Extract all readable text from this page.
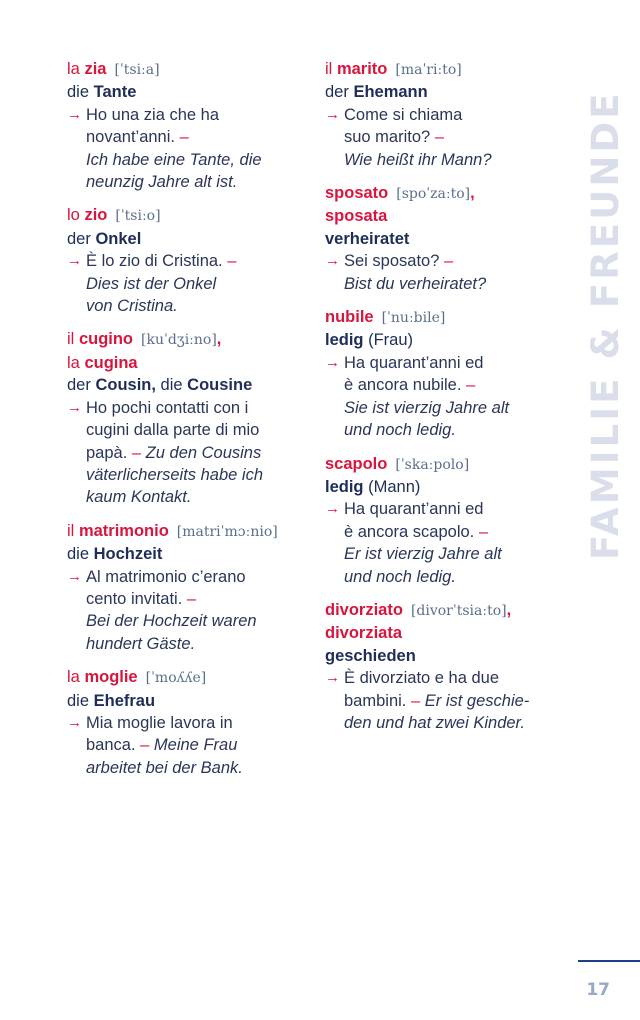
la zia [ˈtsiːa]
die Tante
→ Ho una zia che ha
novant’anni. –
Ich habe eine Tante, die
neunzig Jahre alt ist.
lo zio [ˈtsiːo]
der Onkel
→ È lo zio di Cristina. –
Dies ist der Onkel
von Cristina.
il cugino [kuˈdʒiːno],
la cugina
der Cousin, die Cousine
→ Ho pochi contatti con i
cugini dalla parte di mio
papà. – Zu den Cousins
väterlicherseits habe ich
kaum Kontakt.
il matrimonio [matriˈmɔːnio]
die Hochzeit
→ Al matrimonio c’erano
cento invitati. –
Bei der Hochzeit waren
hundert Gäste.
la moglie [ˈmoʎʎe]
die Ehefrau
→ Mia moglie lavora in
banca. – Meine Frau
arbeitet bei der Bank.
il marito [maˈriːto]
der Ehemann
→ Come si chiama
suo marito? –
Wie heißt ihr Mann?
sposato [spoˈzaːto],
sposata
verheiratet
→ Sei sposato? –
Bist du verheiratet?
nubile [ˈnuːbile]
ledig (Frau)
→ Ha quarant’anni ed
è ancora nubile. –
Sie ist vierzig Jahre alt
und noch ledig.
scapolo [ˈskaːpolo]
ledig (Mann)
→ Ha quarant’anni ed
è ancora scapolo. –
Er ist vierzig Jahre alt
und noch ledig.
divorziato [divorˈtsiaːto],
divorziata
geschieden
→ È divorziato e ha due
bambini. – Er ist geschie-
den und hat zwei Kinder.
FAMILIE & FREUNDE
17
